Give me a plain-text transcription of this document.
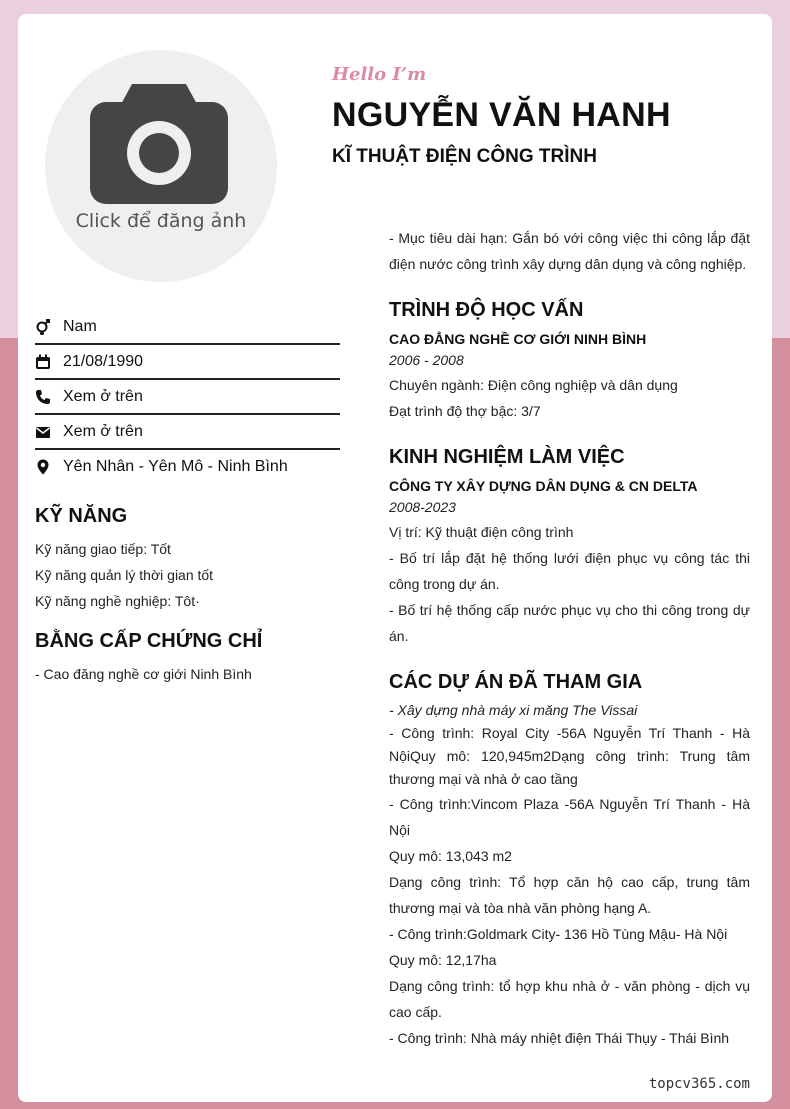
Click để đăng ảnh
Hello I’m
NGUYỄN VĂN HANH
KĨ THUẬT ĐIỆN CÔNG TRÌNH
Nam
21/08/1990
Xem ở trên
Xem ở trên
Yên Nhân - Yên Mô - Ninh Bình
KỸ NĂNG
Kỹ năng giao tiếp: Tốt
Kỹ năng quản lý thời gian tốt
Kỹ năng nghề nghiệp: Tôt·
BẰNG CẤP CHỨNG CHỈ
- Cao đăng nghề cơ giới Ninh Bình
- Mục tiêu dài hạn: Gắn bó với công việc thi công lắp đặt điện nước công trình xây dựng dân dụng và công nghiệp.
TRÌNH ĐỘ HỌC VẤN
CAO ĐẲNG NGHỀ CƠ GIỚI NINH BÌNH
2006 - 2008
Chuyên ngành: Điện công nghiệp và dân dụng
Đạt trình độ thợ bậc: 3/7
KINH NGHIỆM LÀM VIỆC
CÔNG TY XÂY DỰNG DÂN DỤNG & CN DELTA
2008-2023
Vị trí: Kỹ thuật điện công trình
- Bố trí lắp đặt hệ thống lưới điện phục vụ công tác thi công trong dự án.
- Bố trí hệ thống cấp nước phục vụ cho thi công trong dự án.
CÁC DỰ ÁN ĐÃ THAM GIA
- Xây dựng nhà máy xi măng The Vissai
- Công trình: Royal City -56A Nguyễn Trí Thanh - Hà NộiQuy mô: 120,945m2Dạng công trình: Trung tâm thương mại và nhà ở cao tầng
- Công trình:Vincom Plaza -56A Nguyễn Trí Thanh - Hà Nội
Quy mô: 13,043 m2
Dạng công trình: Tổ hợp căn hộ cao cấp, trung tâm thương mại và tòa nhà văn phòng hạng A.
- Công trình:Goldmark City- 136 Hồ Tùng Mậu- Hà Nội
Quy mô: 12,17ha
Dạng công trình: tổ hợp khu nhà ở - văn phòng - dịch vụ cao cấp.
- Công trình: Nhà máy nhiệt điện Thái Thụy - Thái Bình
topcv365.com
